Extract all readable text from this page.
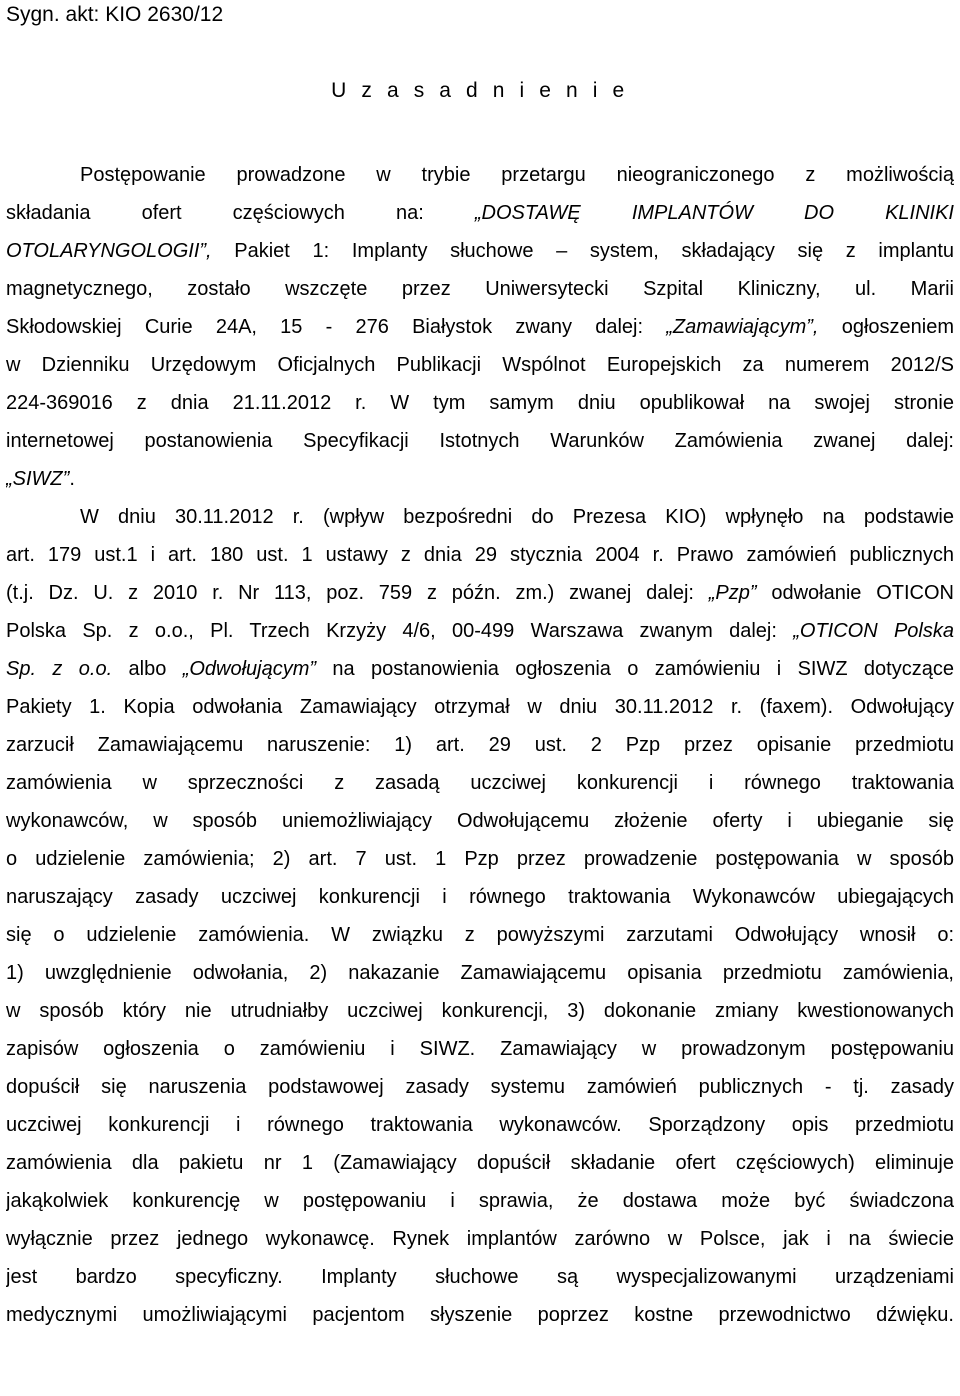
Sygn. akt: KIO 2630/12
U z a s a d n i e n i e
Postępowanie prowadzone w trybie przetargu nieograniczonego z możliwością
składania ofert częściowych na: „DOSTAWĘ IMPLANTÓW DO KLINIKI
OTOLARYNGOLOGII”, Pakiet 1: Implanty słuchowe – system, składający się z implantu
magnetycznego, zostało wszczęte przez Uniwersytecki Szpital Kliniczny, ul. Marii
Skłodowskiej Curie 24A, 15 - 276 Białystok zwany dalej: „Zamawiającym”, ogłoszeniem
w Dzienniku Urzędowym Oficjalnych Publikacji Wspólnot Europejskich za numerem 2012/S
224-369016 z dnia 21.11.2012 r. W tym samym dniu opublikował na swojej stronie
internetowej postanowienia Specyfikacji Istotnych Warunków Zamówienia zwanej dalej:
„SIWZ”.
W dniu 30.11.2012 r. (wpływ bezpośredni do Prezesa KIO) wpłynęło na podstawie
art. 179 ust.1 i art. 180 ust. 1 ustawy z dnia 29 stycznia 2004 r. Prawo zamówień publicznych
(t.j. Dz. U. z 2010 r. Nr 113, poz. 759 z późn. zm.) zwanej dalej: „Pzp” odwołanie OTICON
Polska Sp. z o.o., Pl. Trzech Krzyży 4/6, 00-499 Warszawa zwanym dalej: „OTICON Polska
Sp. z o.o. albo „Odwołującym” na postanowienia ogłoszenia o zamówieniu i SIWZ dotyczące
Pakiety 1. Kopia odwołania Zamawiający otrzymał w dniu 30.11.2012 r. (faxem). Odwołujący
zarzucił Zamawiającemu naruszenie: 1) art. 29 ust. 2 Pzp przez opisanie przedmiotu
zamówienia w sprzeczności z zasadą uczciwej konkurencji i równego traktowania
wykonawców, w sposób uniemożliwiający Odwołującemu złożenie oferty i ubieganie się
o udzielenie zamówienia; 2) art. 7 ust. 1 Pzp przez prowadzenie postępowania w sposób
naruszający zasady uczciwej konkurencji i równego traktowania Wykonawców ubiegających
się o udzielenie zamówienia. W związku z powyższymi zarzutami Odwołujący wnosił o:
1) uwzględnienie odwołania, 2) nakazanie Zamawiającemu opisania przedmiotu zamówienia,
w sposób który nie utrudniałby uczciwej konkurencji, 3) dokonanie zmiany kwestionowanych
zapisów ogłoszenia o zamówieniu i SIWZ. Zamawiający w prowadzonym postępowaniu
dopuścił się naruszenia podstawowej zasady systemu zamówień publicznych - tj. zasady
uczciwej konkurencji i równego traktowania wykonawców. Sporządzony opis przedmiotu
zamówienia dla pakietu nr 1 (Zamawiający dopuścił składanie ofert częściowych) eliminuje
jakąkolwiek konkurencję w postępowaniu i sprawia, że dostawa może być świadczona
wyłącznie przez jednego wykonawcę. Rynek implantów zarówno w Polsce, jak i na świecie
jest bardzo specyficzny. Implanty słuchowe są wyspecjalizowanymi urządzeniami
medycznymi umożliwiającymi pacjentom słyszenie poprzez kostne przewodnictwo dźwięku.
